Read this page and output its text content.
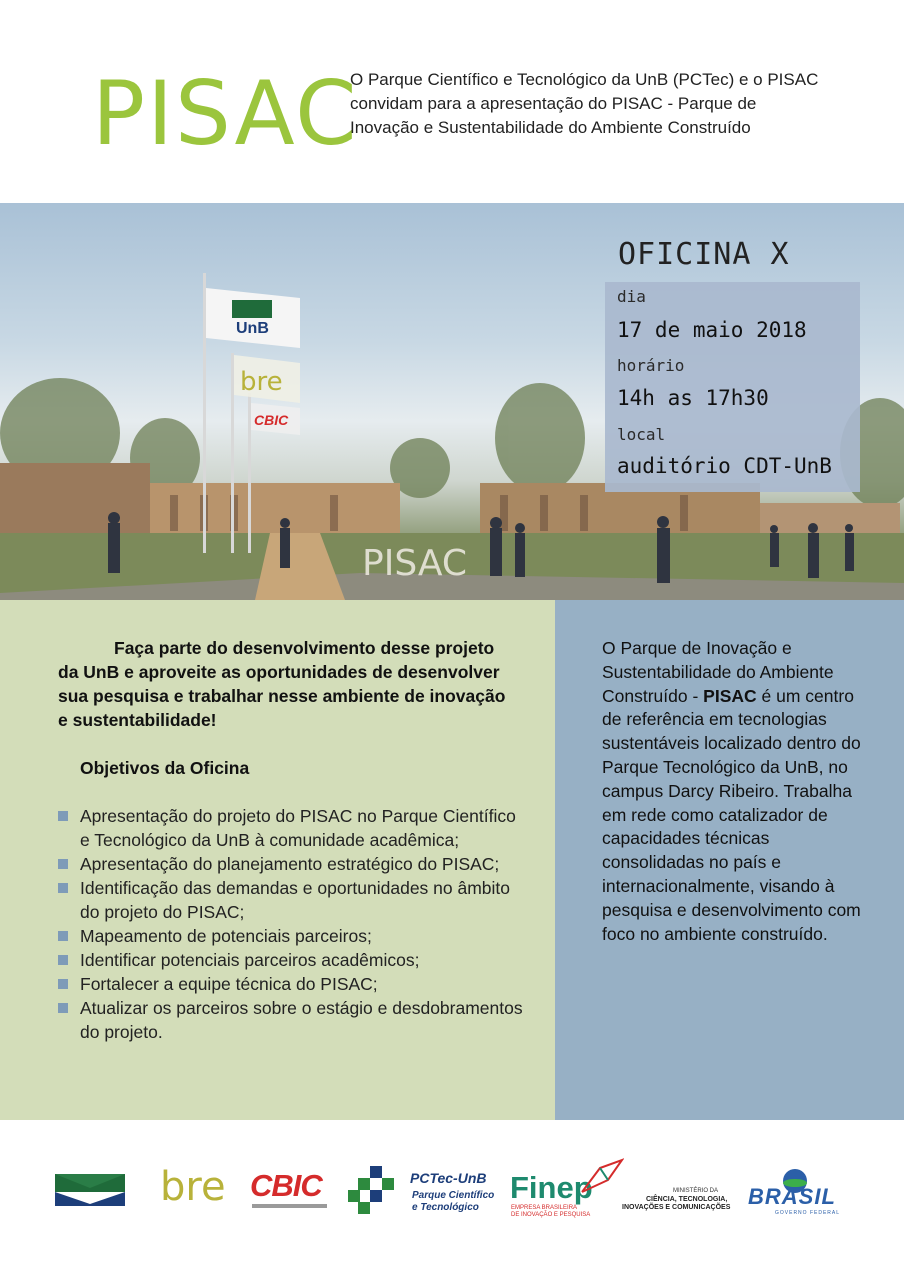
PISAC
O Parque Científico e Tecnológico da UnB (PCTec) e o PISAC convidam para a apresentação do PISAC - Parque de Inovação e Sustentabilidade do Ambiente Construído
UnB
bre
CBIC
PISAC
OFICINA X
dia
17 de maio 2018
horário
14h as 17h30
local
auditório CDT-UnB
Faça parte do desenvolvimento desse projeto da UnB e aproveite as oportunidades de desenvolver sua pesquisa e trabalhar nesse ambiente de inovação e sustentabilidade!
Objetivos da Oficina
Apresentação do projeto do PISAC no Parque Científico e Tecnológico da UnB à comunidade acadêmica;
Apresentação do planejamento estratégico do PISAC;
Identificação das demandas e oportunidades no âmbito do projeto do PISAC;
Mapeamento de potenciais parceiros;
Identificar potenciais parceiros acadêmicos;
Fortalecer a equipe técnica do PISAC;
Atualizar os parceiros sobre o estágio e desdobramentos do projeto.
O Parque de Inovação e Sustentabilidade do Ambiente Construído - PISAC é um centro de referência em tecnologias sustentáveis localizado dentro do Parque Tecnológico da UnB, no campus Darcy Ribeiro. Trabalha em rede como catalizador de capacidades técnicas consolidadas no país e internacionalmente, visando à pesquisa e desenvolvimento com foco no ambiente construído.
bre CBIC	PCTec-UnB
Parque Científico
e Tecnológico
Finep
EMPRESA BRASILEIRA
DE INOVAÇÃO E PESQUISA
MINISTÉRIO DA
CIÊNCIA, TECNOLOGIA,
INOVAÇÕES E COMUNICAÇÕES BRASIL
GOVERNO FEDERAL
